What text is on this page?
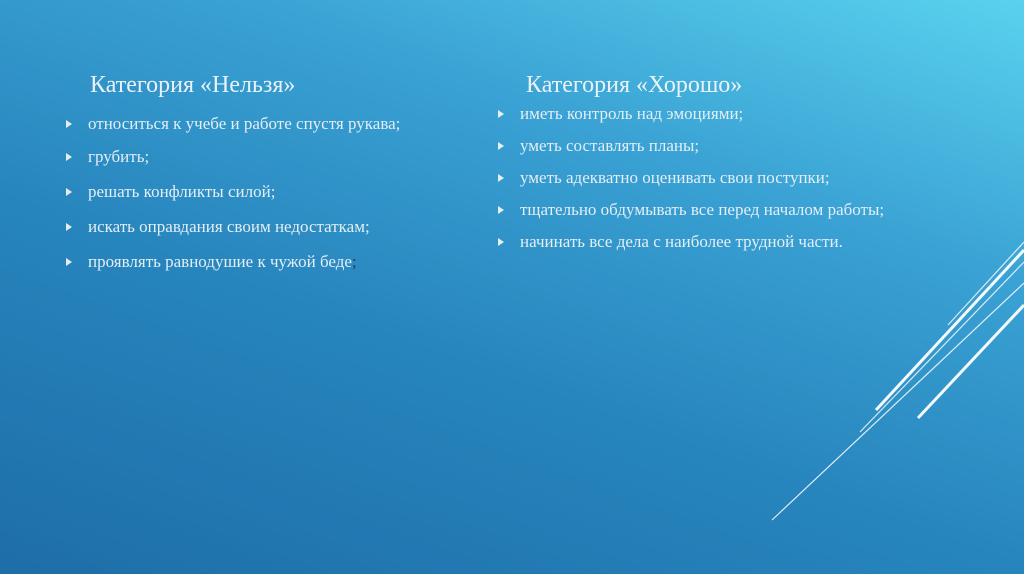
Категория «Нельзя»
относиться к учебе и работе спустя рукава;
грубить;
решать конфликты силой;
искать оправдания своим недостаткам;
проявлять равнодушие к чужой беде;
Категория «Хорошо»
иметь контроль над эмоциями;
уметь составлять планы;
уметь адекватно оценивать свои поступки;
тщательно обдумывать все перед началом работы;
начинать все дела с наиболее трудной части.
